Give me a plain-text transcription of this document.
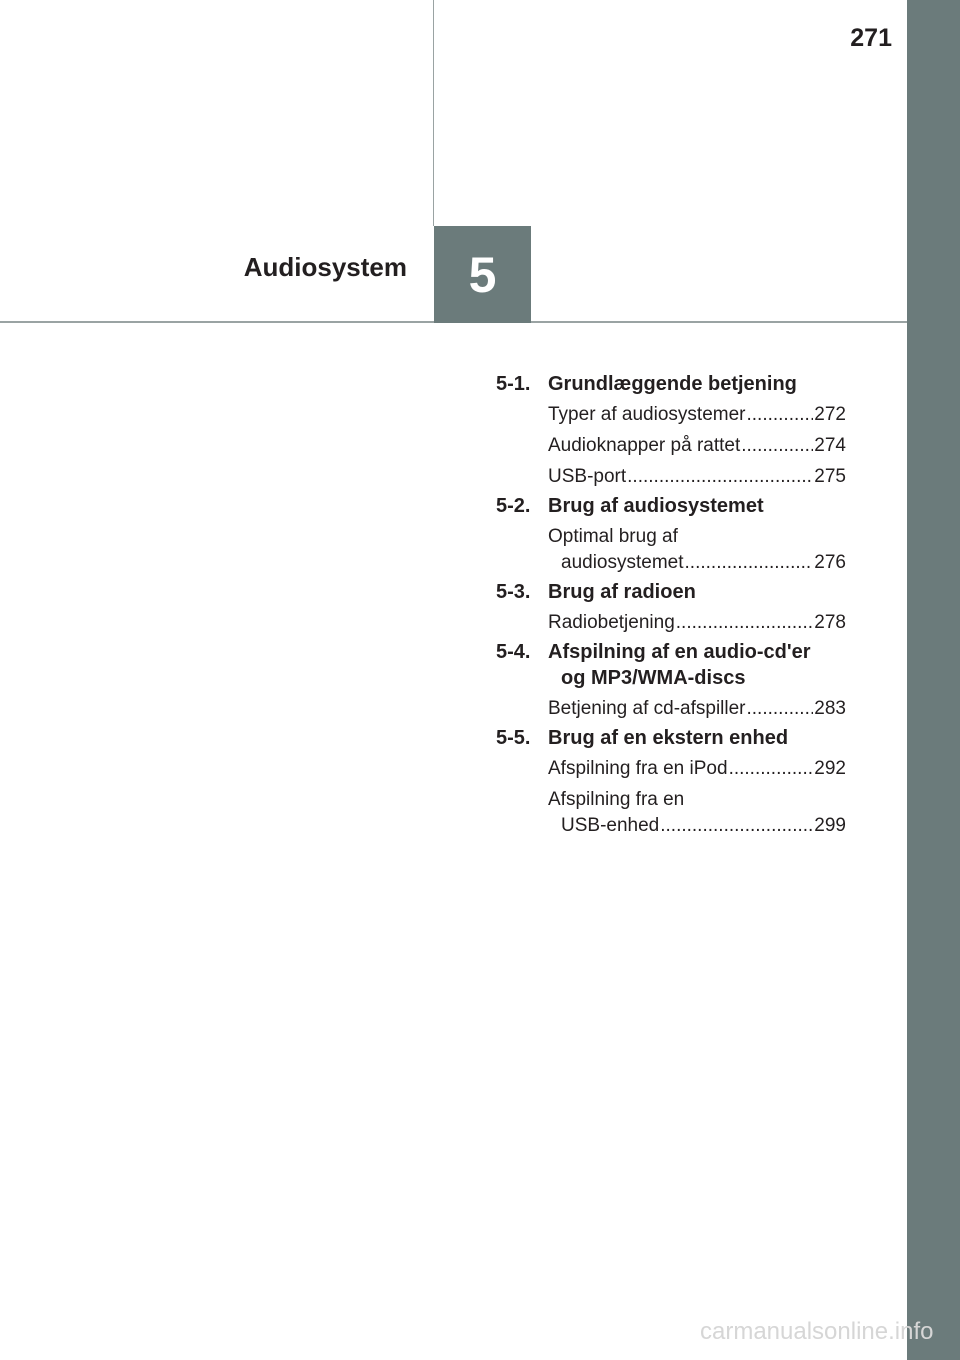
271
Audiosystem 5
5-1. Grundlæggende betjening
Typer af audiosystemer .....	272
Audioknapper på rattet .....	274
USB-port .....	275
5-2. Brug af audiosystemet
Optimal brug af
audiosystemet .....	276
5-3. Brug af radioen
Radiobetjening .....	278
5-4. Afspilning af en audio-cd'er
og MP3/WMA-discs
Betjening af cd-afspiller .....	283
5-5. Brug af en ekstern enhed
Afspilning fra en iPod .....	292
Afspilning fra en
USB-enhed .....	299
carmanualsonline.info
